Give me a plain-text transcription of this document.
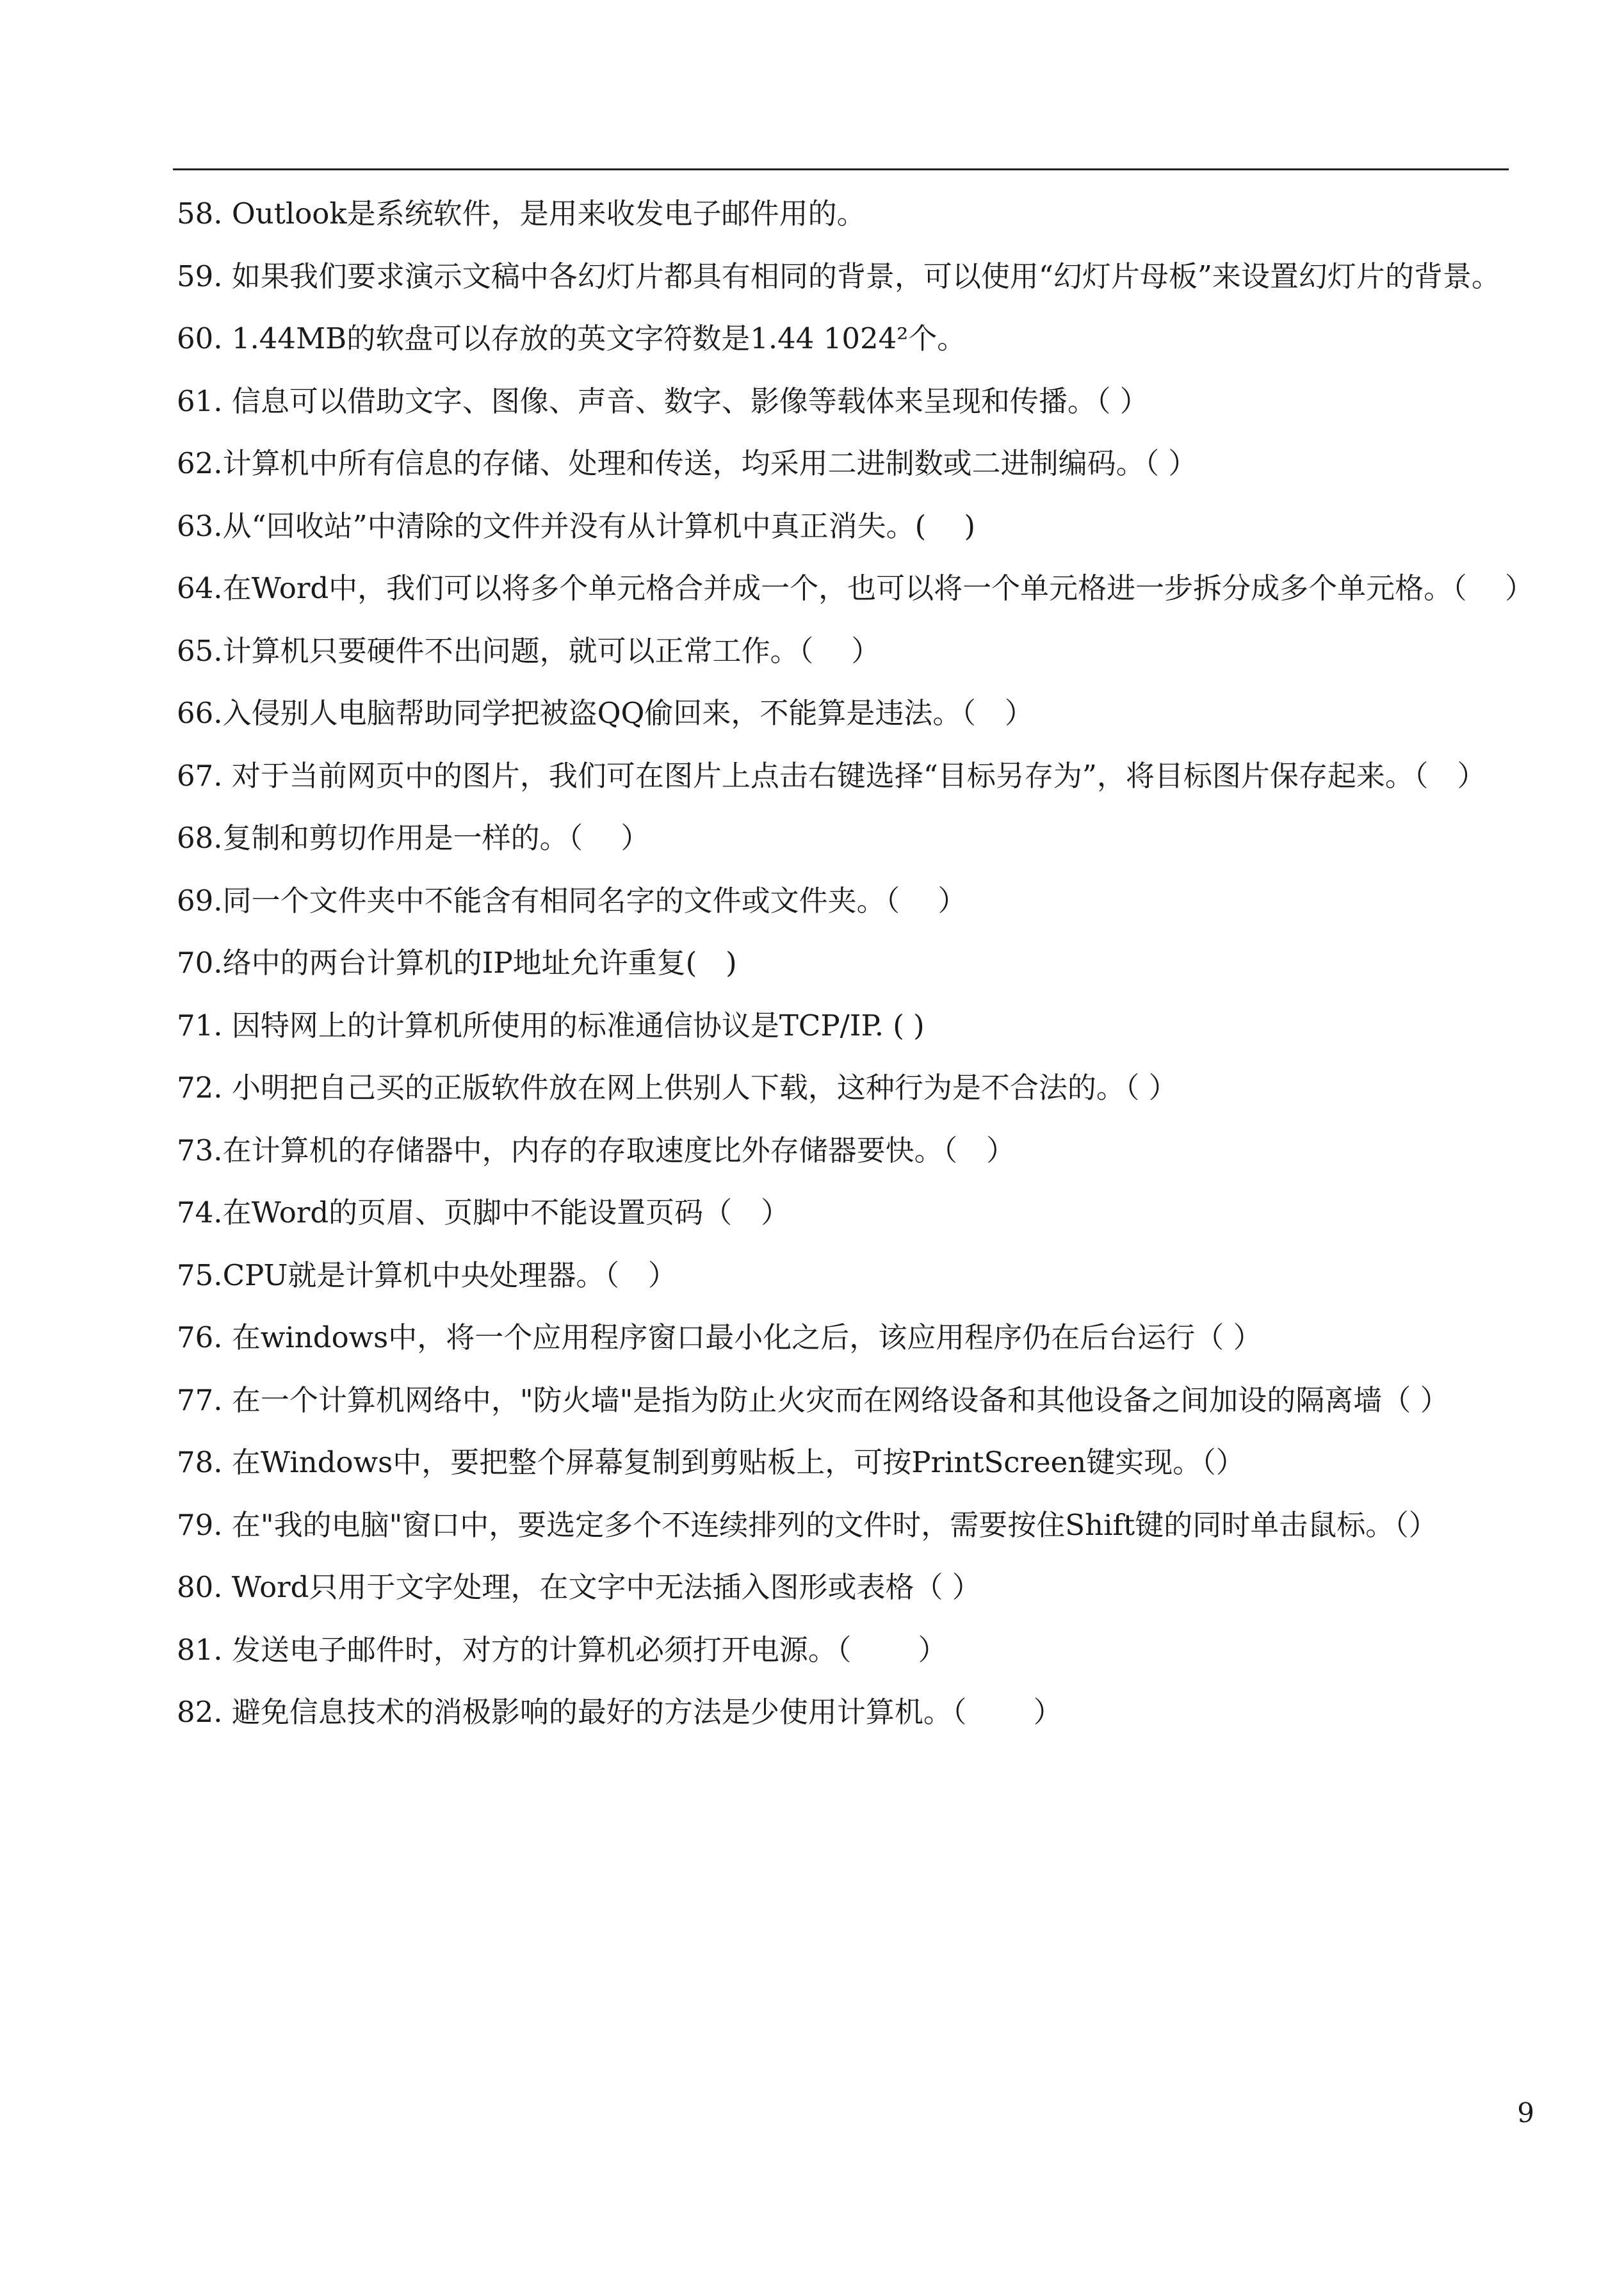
58. Outlook是系统软件，是用来收发电子邮件用的。

59. 如果我们要求演示文稿中各幻灯片都具有相同的背景，可以使用“幻灯片母板”来设置幻灯片的背景。

60. 1.44MB的软盘可以存放的英文字符数是1.44 1024²个。

61. 信息可以借助文字、图像、声音、数字、影像等载体来呈现和传播。（ ）

62.计算机中所有信息的存储、处理和传送，均采用二进制数或二进制编码。（ ）

63.从“回收站”中清除的文件并没有从计算机中真正消失。(　 )

64.在Word中，我们可以将多个单元格合并成一个，也可以将一个单元格进一步拆分成多个单元格。（　 ）

65.计算机只要硬件不出问题，就可以正常工作。（　 ）

66.入侵别人电脑帮助同学把被盗QQ偷回来，不能算是违法。（　）

67. 对于当前网页中的图片，我们可在图片上点击右键选择“目标另存为”，将目标图片保存起来。（　）

68.复制和剪切作用是一样的。（　 ）

69.同一个文件夹中不能含有相同名字的文件或文件夹。（　 ）

70.络中的两台计算机的IP地址允许重复(　)

71. 因特网上的计算机所使用的标准通信协议是TCP/IP. ( )

72. 小明把自己买的正版软件放在网上供别人下载，这种行为是不合法的。（ ）

73.在计算机的存储器中，内存的存取速度比外存储器要快。（　）

74.在Word的页眉、页脚中不能设置页码（　）

75.CPU就是计算机中央处理器。（　）

76. 在windows中，将一个应用程序窗口最小化之后，该应用程序仍在后台运行（ ）

77. 在一个计算机网络中，"防火墙"是指为防止火灾而在网络设备和其他设备之间加设的隔离墙（ ）

78. 在Windows中，要把整个屏幕复制到剪贴板上，可按PrintScreen键实现。（）

79. 在"我的电脑"窗口中，要选定多个不连续排列的文件时，需要按住Shift键的同时单击鼠标。（）

80. Word只用于文字处理，在文字中无法插入图形或表格（ ）

81. 发送电子邮件时，对方的计算机必须打开电源。（　　 ）

82. 避免信息技术的消极影响的最好的方法是少使用计算机。（　　 ）

9
